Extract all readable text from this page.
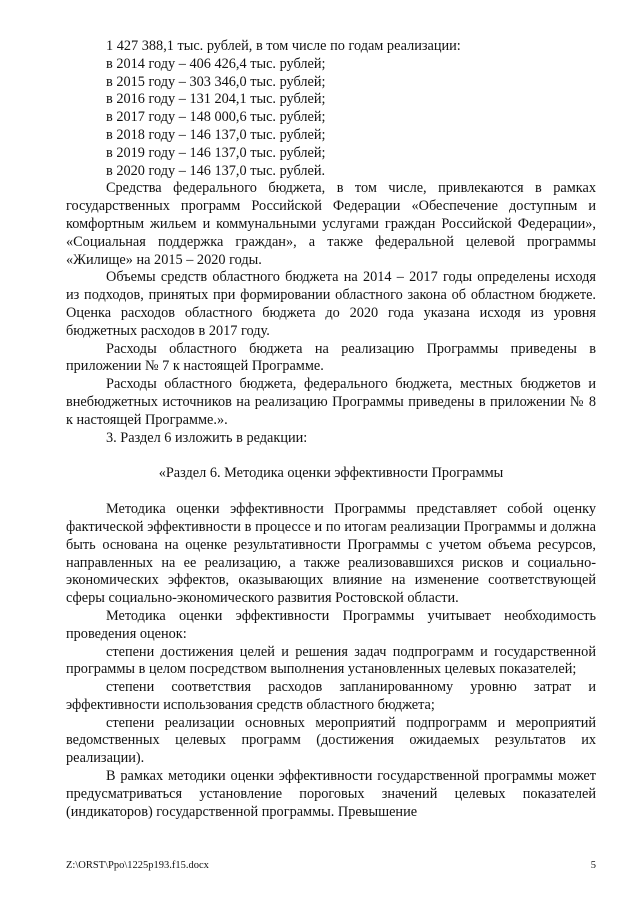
1 427 388,1 тыс. рублей, в том числе по годам реализации:
в 2014 году – 406 426,4 тыс. рублей;
в 2015 году – 303 346,0 тыс. рублей;
в 2016 году – 131 204,1 тыс. рублей;
в 2017 году – 148 000,6 тыс. рублей;
в 2018 году – 146 137,0 тыс. рублей;
в 2019 году – 146 137,0 тыс. рублей;
в 2020 году – 146 137,0 тыс. рублей.

Средства федерального бюджета, в том числе, привлекаются в рамках государственных программ Российской Федерации «Обеспечение доступным и комфортным жильем и коммунальными услугами граждан Российской Федерации», «Социальная поддержка граждан», а также федеральной целевой программы «Жилище» на 2015 – 2020 годы.

Объемы средств областного бюджета на 2014 – 2017 годы определены исходя из подходов, принятых при формировании областного закона об областном бюджете. Оценка расходов областного бюджета до 2020 года указана исходя из уровня бюджетных расходов в 2017 году.

Расходы областного бюджета на реализацию Программы приведены в приложении № 7 к настоящей Программе.

Расходы областного бюджета, федерального бюджета, местных бюджетов и внебюджетных источников на реализацию Программы приведены в приложении № 8 к настоящей Программе.».

3. Раздел 6 изложить в редакции:

«Раздел 6. Методика оценки эффективности Программы

Методика оценки эффективности Программы представляет собой оценку фактической эффективности в процессе и по итогам реализации Программы и должна быть основана на оценке результативности Программы с учетом объема ресурсов, направленных на ее реализацию, а также реализовавшихся рисков и социально-экономических эффектов, оказывающих влияние на изменение соответствующей сферы социально-экономического развития Ростовской области.

Методика оценки эффективности Программы учитывает необходимость проведения оценок:

степени достижения целей и решения задач подпрограмм и государственной программы в целом посредством выполнения установленных целевых показателей;

степени соответствия расходов запланированному уровню затрат и эффективности использования средств областного бюджета;

степени реализации основных мероприятий подпрограмм и мероприятий ведомственных целевых программ (достижения ожидаемых результатов их реализации).

В рамках методики оценки эффективности государственной программы может предусматриваться установление пороговых значений целевых показателей (индикаторов) государственной программы. Превышение

Z:\ORST\Ppo\1225p193.f15.docx	5
